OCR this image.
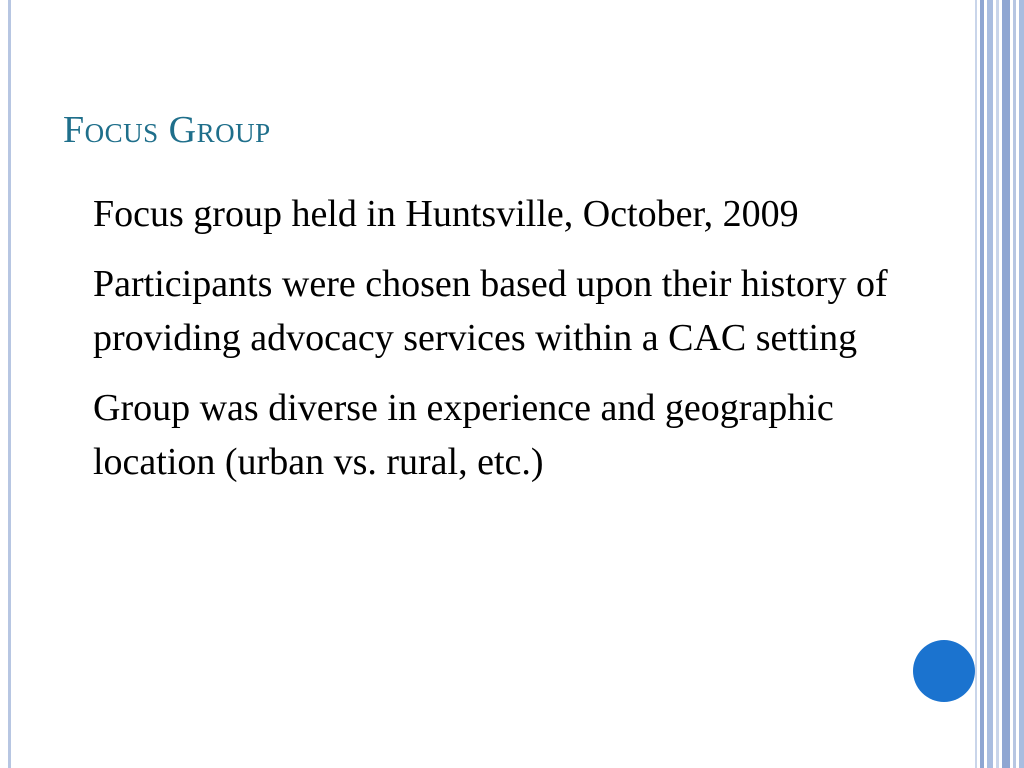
Focus Group
Focus group held in Huntsville, October, 2009
Participants were chosen based upon their history of providing advocacy services within a CAC setting
Group was diverse in experience and geographic location (urban vs. rural, etc.)
